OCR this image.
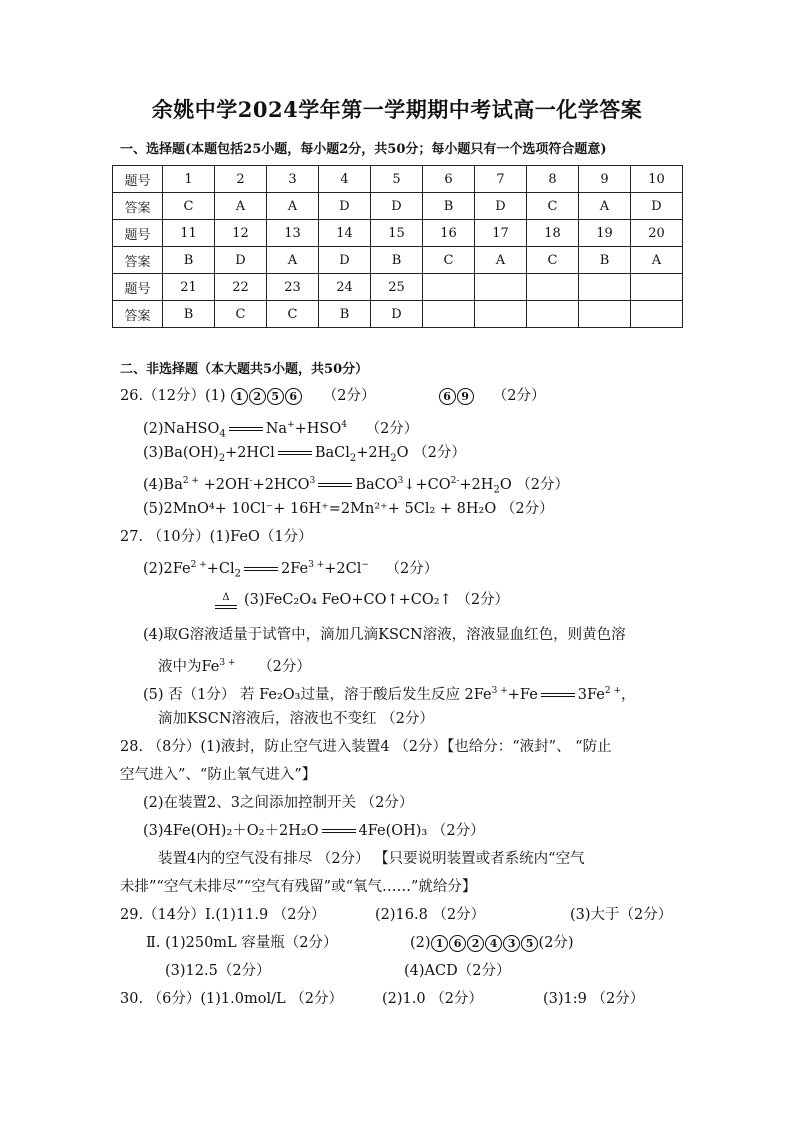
余姚中学2024学年第一学期期中考试高一化学答案
一、选择题(本题包括25小题，每小题2分，共50分；每小题只有一个选项符合题意)
题号	1	2	3	4	5	6	7	8	9	10
答案	C	A	A	D	D	B	D	C	A	D
题号	11	12	13	14	15	16	17	18	19	20
答案	B	D	A	D	B	C	A	C	B	A
题号	21	22	23	24	25					
答案	B	C	C	B	D					
二、非选择题（本大题共5小题，共50分）
26.（12分）(1) 1 2 5 6 （2分）	6 9 （2分）
(2)NaHSO$_4$	$Na^++HSO^4$ （2分）
$(3)Ba(OH)_2+2HCl$	$BaCl_2+2H_2O$ （2分）
$(4)Ba^{2 +} +2OH^-+2HCO^3$	$BaCO^3↓+CO^{2-}+2H_2O$ （2分）
(5)2MnO⁴+ 10Cl⁻+ 16H⁺=2Mn²⁺+ 5Cl₂ + 8H₂O （2分）
27. （10分）(1)FeO（1分）
$(2)2Fe^{2 +}+Cl_2$	$2Fe^{3 +}+2Cl^-$ （2分）
Δ (3)FeC₂O₄ FeO+CO↑+CO₂↑ （2分）
(4)取G溶液适量于试管中，滴加几滴KSCN溶液，溶液显血红色，则黄色溶
液中为$Fe^{3 +}$ （2分）
(5) 否（1分） 若 Fe₂O₃过量，溶于酸后发生反应 $2Fe^{3 +}+Fe$	$3Fe^{2 +}$，
滴加KSCN溶液后，溶液也不变红 （2分）
28. （8分）(1)液封，防止空气进入装置4 （2分）【也给分：“液封”、 “防止
空气进入”、“防止氧气进入”】
(2)在装置2、3之间添加控制开关 （2分）
(3)4Fe(OH)₂＋O₂＋2H₂O	4Fe(OH)₃ （2分）
装置4内的空气没有排尽 （2分） 【只要说明装置或者系统内“空气
未排”“空气未排尽”“空气有残留”或“氧气……”就给分】
29.（14分）Ⅰ.(1)11.9 （2分）	(2)16.8 （2分）	(3)大于（2分）
Ⅱ. (1)250mL 容量瓶（2分）	(2) 1 6 2 4 3 5 (2分)
(3)12.5（2分）	(4)ACD（2分）
30. （6分）(1)1.0mol/L （2分）	(2)1.0 （2分）	(3)1:9 （2分）
